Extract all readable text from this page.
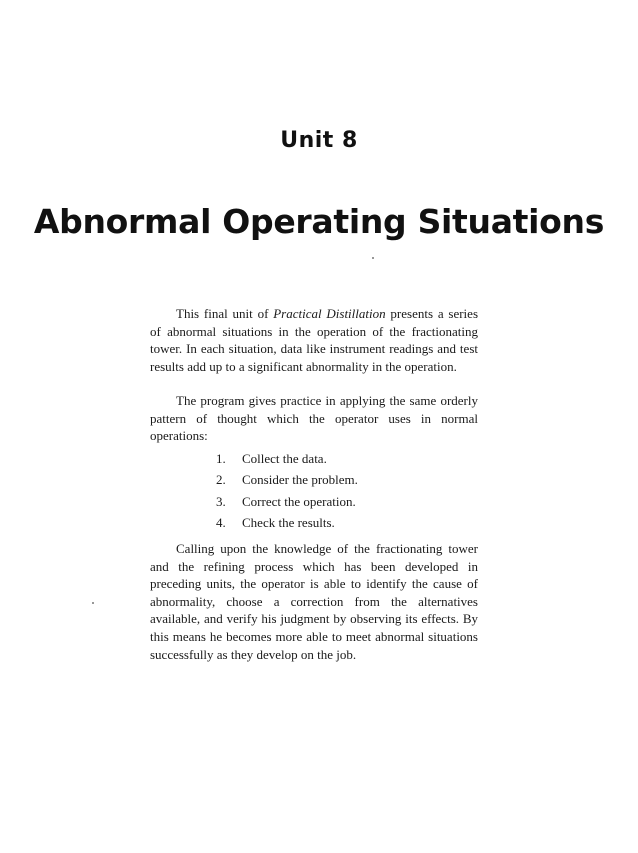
Unit 8
Abnormal Operating Situations

This final unit of Practical Distillation presents a series of abnormal situations in the operation of the fractionating tower. In each situation, data like instrument readings and test results add up to a significant abnormality in the operation.

The program gives practice in applying the same orderly pattern of thought which the operator uses in normal operations:

1.	Collect the data.
2.	Consider the problem.
3.	Correct the operation.
4.	Check the results.

Calling upon the knowledge of the fractionating tower and the refining process which has been developed in preceding units, the operator is able to identify the cause of abnormality, choose a correction from the alternatives available, and verify his judgment by observing its effects. By this means he becomes more able to meet abnormal situations successfully as they develop on the job.
